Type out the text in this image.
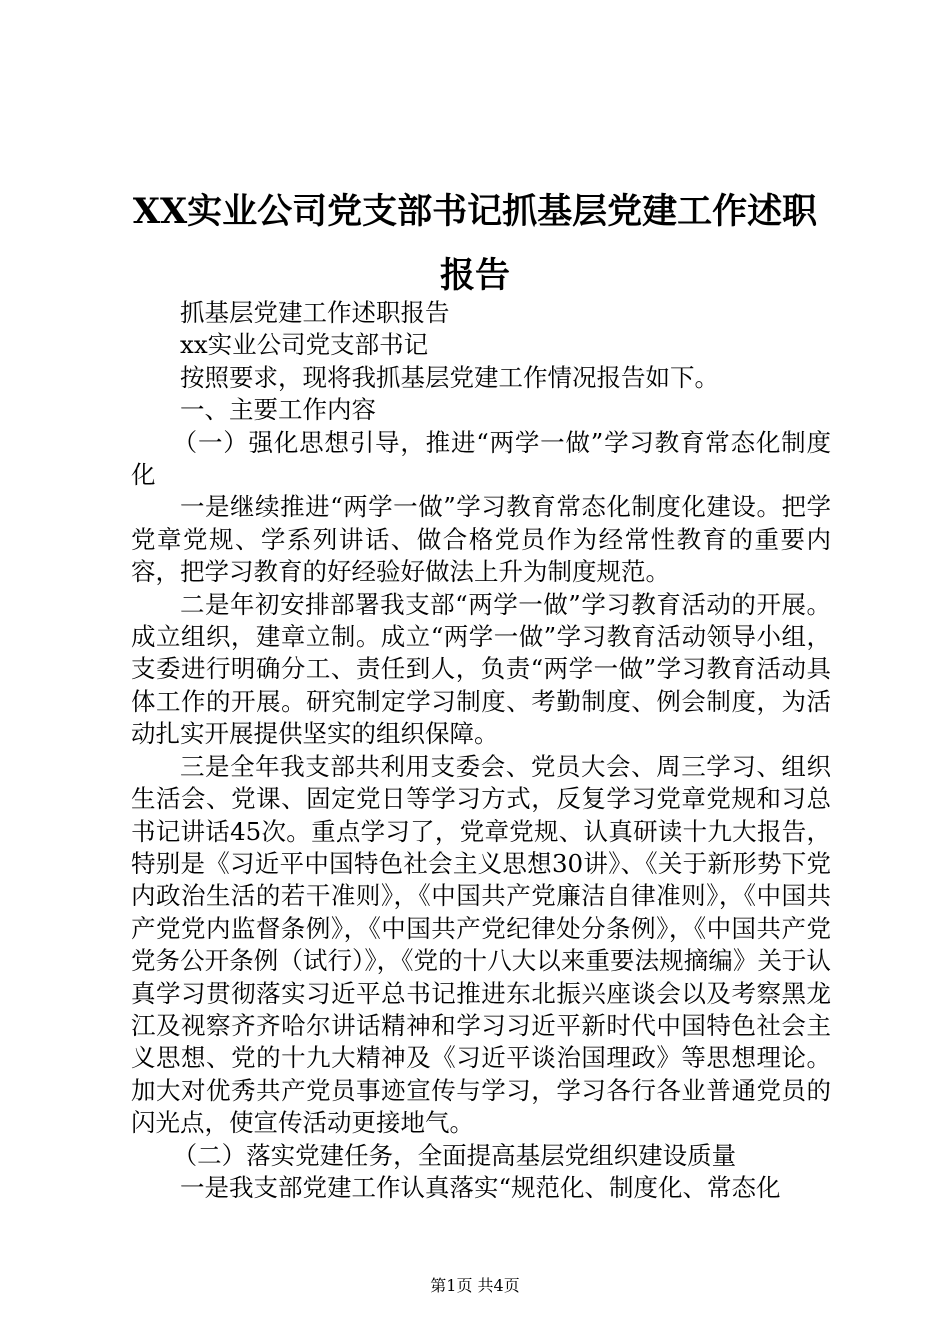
XX实业公司党支部书记抓基层党建工作述职报告

抓基层党建工作述职报告

xx实业公司党支部书记

按照要求，现将我抓基层党建工作情况报告如下。

一、主要工作内容

（一）强化思想引导，推进“两学一做”学习教育常态化制度化

一是继续推进“两学一做”学习教育常态化制度化建设。把学党章党规、学系列讲话、做合格党员作为经常性教育的重要内容，把学习教育的好经验好做法上升为制度规范。

二是年初安排部署我支部“两学一做”学习教育活动的开展。成立组织，建章立制。成立“两学一做”学习教育活动领导小组，支委进行明确分工、责任到人，负责“两学一做”学习教育活动具体工作的开展。研究制定学习制度、考勤制度、例会制度，为活动扎实开展提供坚实的组织保障。

三是全年我支部共利用支委会、党员大会、周三学习、组织生活会、党课、固定党日等学习方式，反复学习党章党规和习总书记讲话45次。重点学习了，党章党规、认真研读十九大报告，特别是《习近平中国特色社会主义思想30讲》、《关于新形势下党内政治生活的若干准则》，《中国共产党廉洁自律准则》，《中国共产党党内监督条例》，《中国共产党纪律处分条例》，《中国共产党党务公开条例（试行）》，《党的十八大以来重要法规摘编》关于认真学习贯彻落实习近平总书记推进东北振兴座谈会以及考察黑龙江及视察齐齐哈尔讲话精神和学习习近平新时代中国特色社会主义思想、党的十九大精神及《习近平谈治国理政》等思想理论。加大对优秀共产党员事迹宣传与学习，学习各行各业普通党员的闪光点，使宣传活动更接地气。

（二）落实党建任务，全面提高基层党组织建设质量

一是我支部党建工作认真落实“规范化、制度化、常态化

第1页 共4页
